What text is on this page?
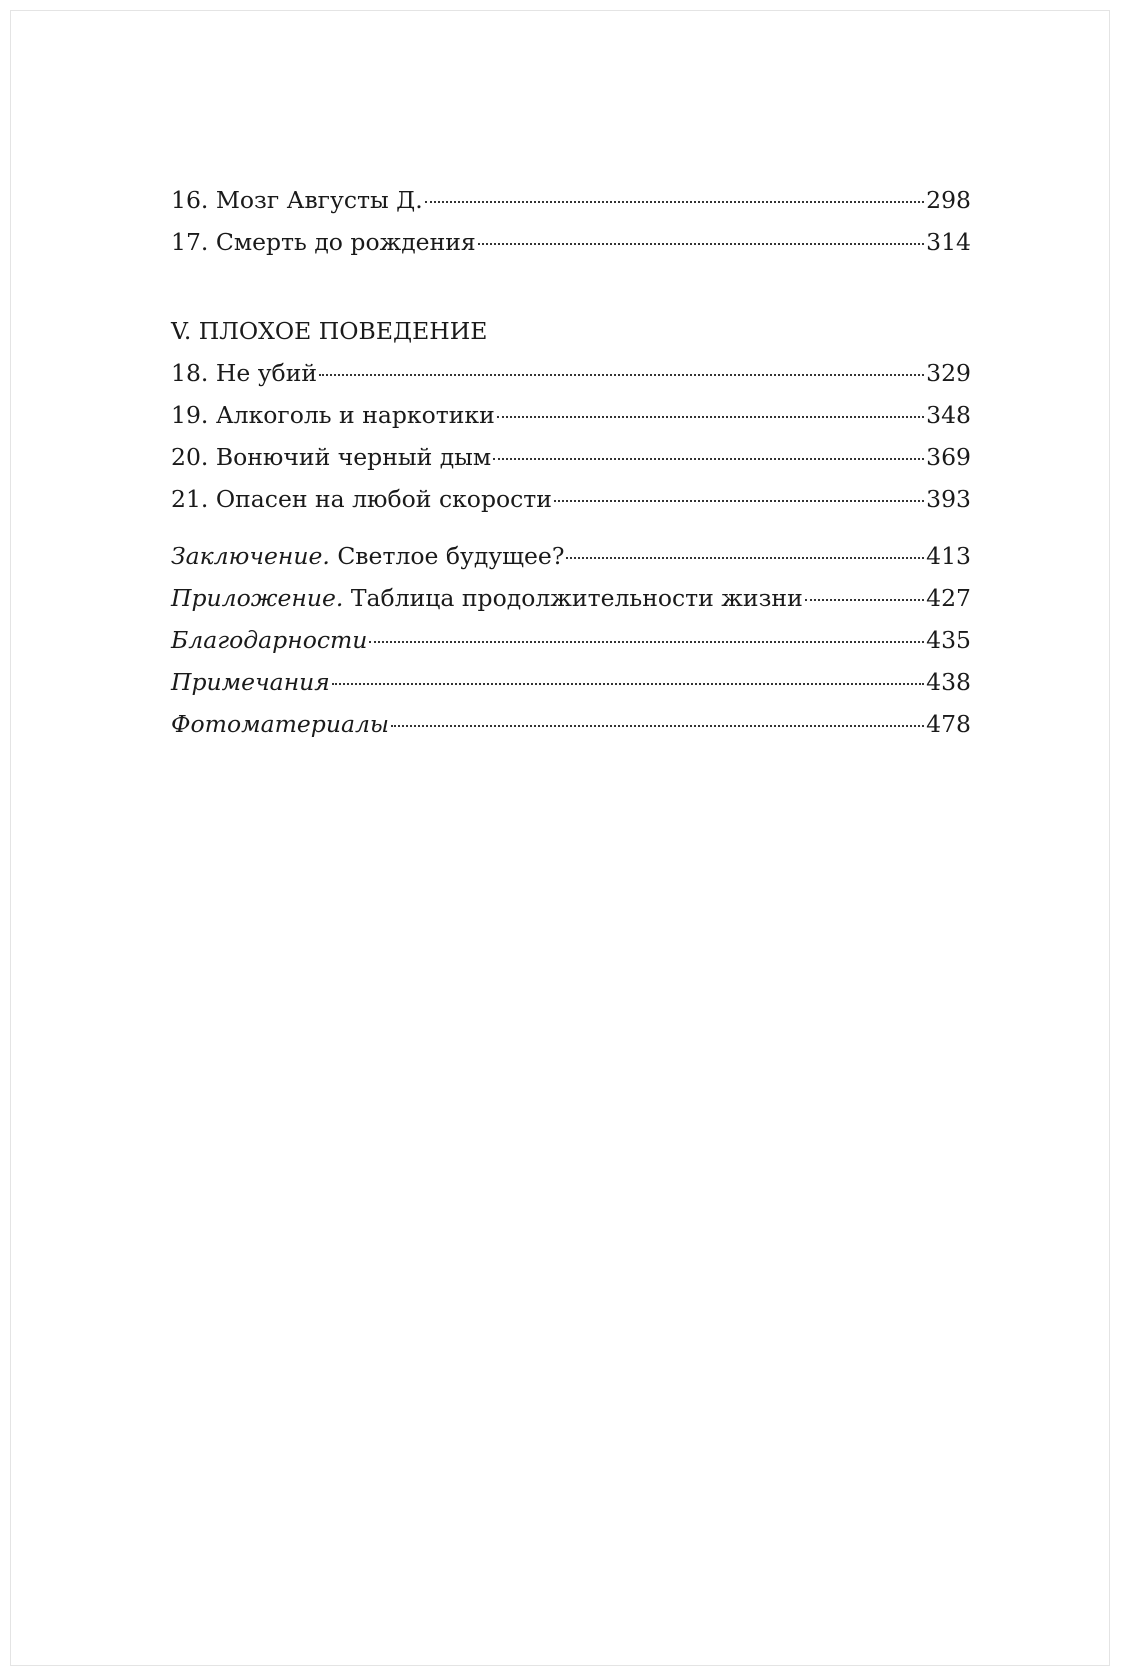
16. Мозг Августы Д.	298
17. Смерть до рождения	314
V. ПЛОХОЕ ПОВЕДЕНИЕ
18. Не убий	329
19. Алкоголь и наркотики	348
20. Вонючий черный дым	369
21. Опасен на любой скорости	393
Заключение. Светлое будущее?	413
Приложение. Таблица продолжительности жизни	427
Благодарности	435
Примечания	438
Фотоматериалы	478
